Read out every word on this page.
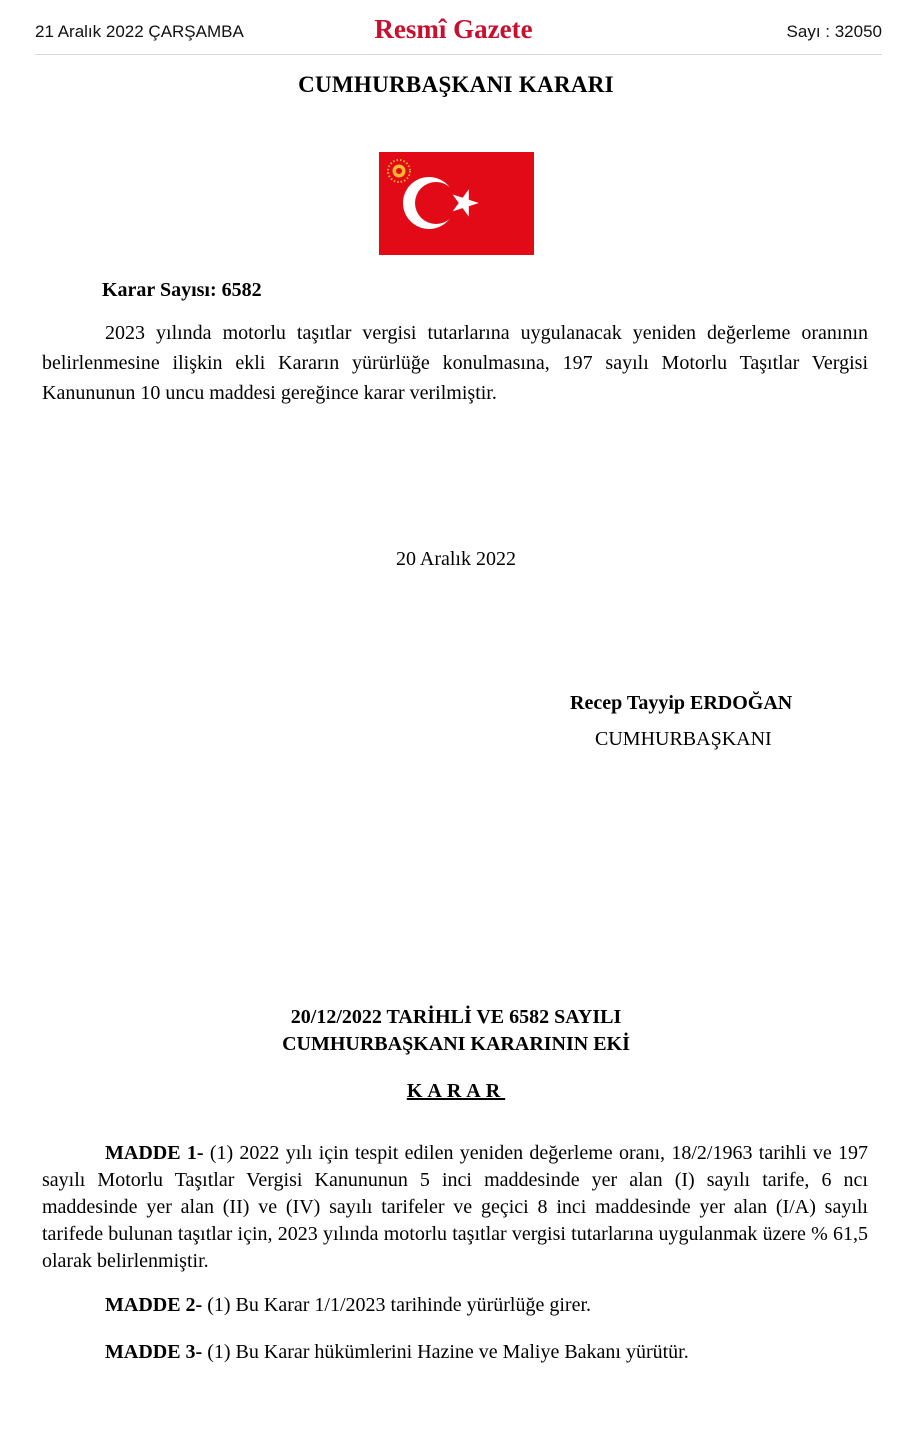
21 Aralık 2022 ÇARŞAMBA	Resmî Gazete	Sayı : 32050
CUMHURBAŞKANI KARARI
Karar Sayısı: 6582

2023 yılında motorlu taşıtlar vergisi tutarlarına uygulanacak yeniden değerleme oranının belirlenmesine ilişkin ekli Kararın yürürlüğe konulmasına, 197 sayılı Motorlu Taşıtlar Vergisi Kanununun 10 uncu maddesi gereğince karar verilmiştir.

20 Aralık 2022
Recep Tayyip ERDOĞAN
CUMHURBAŞKANI
20/12/2022 TARİHLİ VE 6582 SAYILI
CUMHURBAŞKANI KARARININ EKİ
KARAR

MADDE 1- (1) 2022 yılı için tespit edilen yeniden değerleme oranı, 18/2/1963 tarihli ve 197 sayılı Motorlu Taşıtlar Vergisi Kanununun 5 inci maddesinde yer alan (I) sayılı tarife, 6 ncı maddesinde yer alan (II) ve (IV) sayılı tarifeler ve geçici 8 inci maddesinde yer alan (I/A) sayılı tarifede bulunan taşıtlar için, 2023 yılında motorlu taşıtlar vergisi tutarlarına uygulanmak üzere % 61,5 olarak belirlenmiştir.

MADDE 2- (1) Bu Karar 1/1/2023 tarihinde yürürlüğe girer.

MADDE 3- (1) Bu Karar hükümlerini Hazine ve Maliye Bakanı yürütür.
